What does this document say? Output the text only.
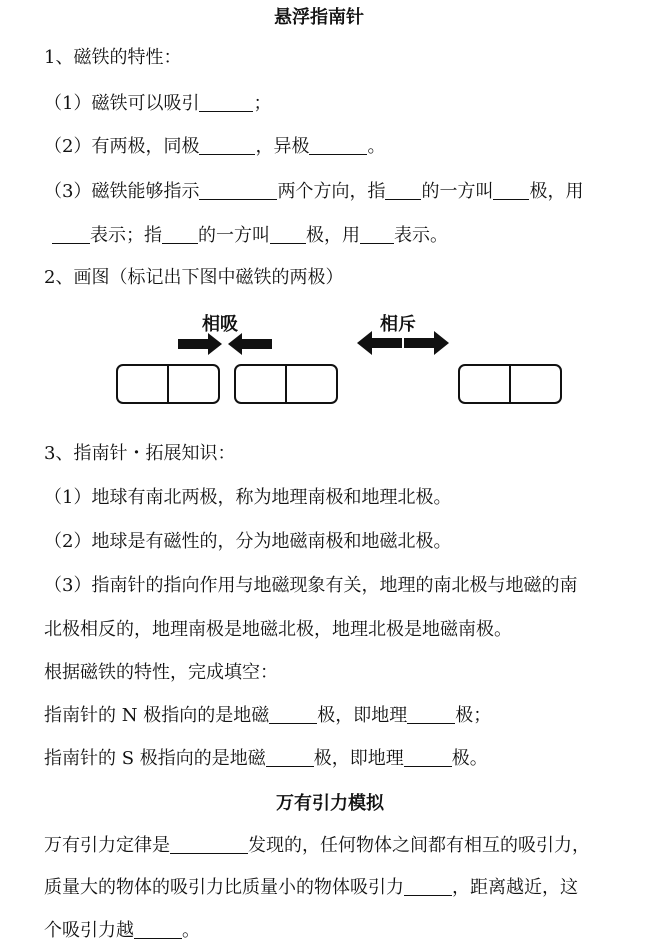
悬浮指南针
1、磁铁的特性：
（1）磁铁可以吸引	；
（2）有两极，同极	，异极	。
（3）磁铁能够指示	两个方向，指 的一方叫 极，用
表示；指 的一方叫 极，用 表示。
2、画图（标记出下图中磁铁的两极）
相吸	相斥
3、指南针・拓展知识：
（1）地球有南北两极，称为地理南极和地理北极。
（2）地球是有磁性的，分为地磁南极和地磁北极。
（3）指南针的指向作用与地磁现象有关，地理的南北极与地磁的南
北极相反的，地理南极是地磁北极，地理北极是地磁南极。
根据磁铁的特性，完成填空：
指南针的 N 极指向的是地磁	极，即地理	极；
指南针的 S 极指向的是地磁	极，即地理	极。
万有引力模拟
万有引力定律是	发现的，任何物体之间都有相互的吸引力，
质量大的物体的吸引力比质量小的物体吸引力	，距离越近，这
个吸引力越	。
